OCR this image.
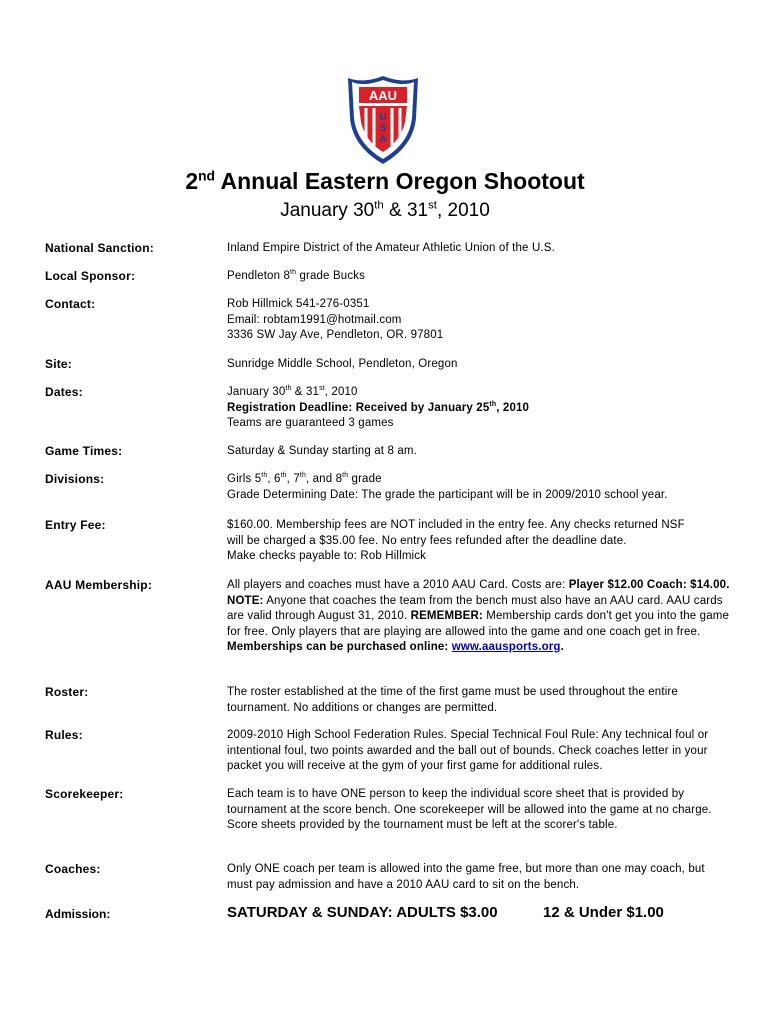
AAU
U
S
A
2nd Annual Eastern Oregon Shootout
January 30th & 31st, 2010
National Sanction:	Inland Empire District of the Amateur Athletic Union of the U.S.
Local Sponsor:	Pendleton 8th grade Bucks
Contact:	Rob Hillmick 541-276-0351
Email: robtam1991@hotmail.com
3336 SW Jay Ave, Pendleton, OR. 97801
Site:	Sunridge Middle School, Pendleton, Oregon
Dates:	January 30th & 31st, 2010
Registration Deadline: Received by January 25th, 2010
Teams are guaranteed 3 games
Game Times:	Saturday & Sunday starting at 8 am.
Divisions:	Girls 5th, 6th, 7th, and 8th grade
Grade Determining Date: The grade the participant will be in 2009/2010 school year.
Entry Fee:	$160.00. Membership fees are NOT included in the entry fee. Any checks returned NSF
will be charged a $35.00 fee. No entry fees refunded after the deadline date.
Make checks payable to: Rob Hillmick
AAU Membership:	All players and coaches must have a 2010 AAU Card. Costs are: Player $12.00 Coach: $14.00. NOTE: Anyone that coaches the team from the bench must also have an AAU card. AAU cards are valid through August 31, 2010. REMEMBER: Membership cards don't get you into the game for free. Only players that are playing are allowed into the game and one coach get in free. Memberships can be purchased online: www.aausports.org.
Roster:	The roster established at the time of the first game must be used throughout the entire tournament. No additions or changes are permitted.
Rules:	2009-2010 High School Federation Rules. Special Technical Foul Rule: Any technical foul or intentional foul, two points awarded and the ball out of bounds. Check coaches letter in your packet you will receive at the gym of your first game for additional rules.
Scorekeeper:	Each team is to have ONE person to keep the individual score sheet that is provided by tournament at the score bench. One scorekeeper will be allowed into the game at no charge.
Score sheets provided by the tournament must be left at the scorer's table.
Coaches:	Only ONE coach per team is allowed into the game free, but more than one may coach, but must pay admission and have a 2010 AAU card to sit on the bench.
Admission:	SATURDAY & SUNDAY: ADULTS $3.00	12 & Under $1.00
